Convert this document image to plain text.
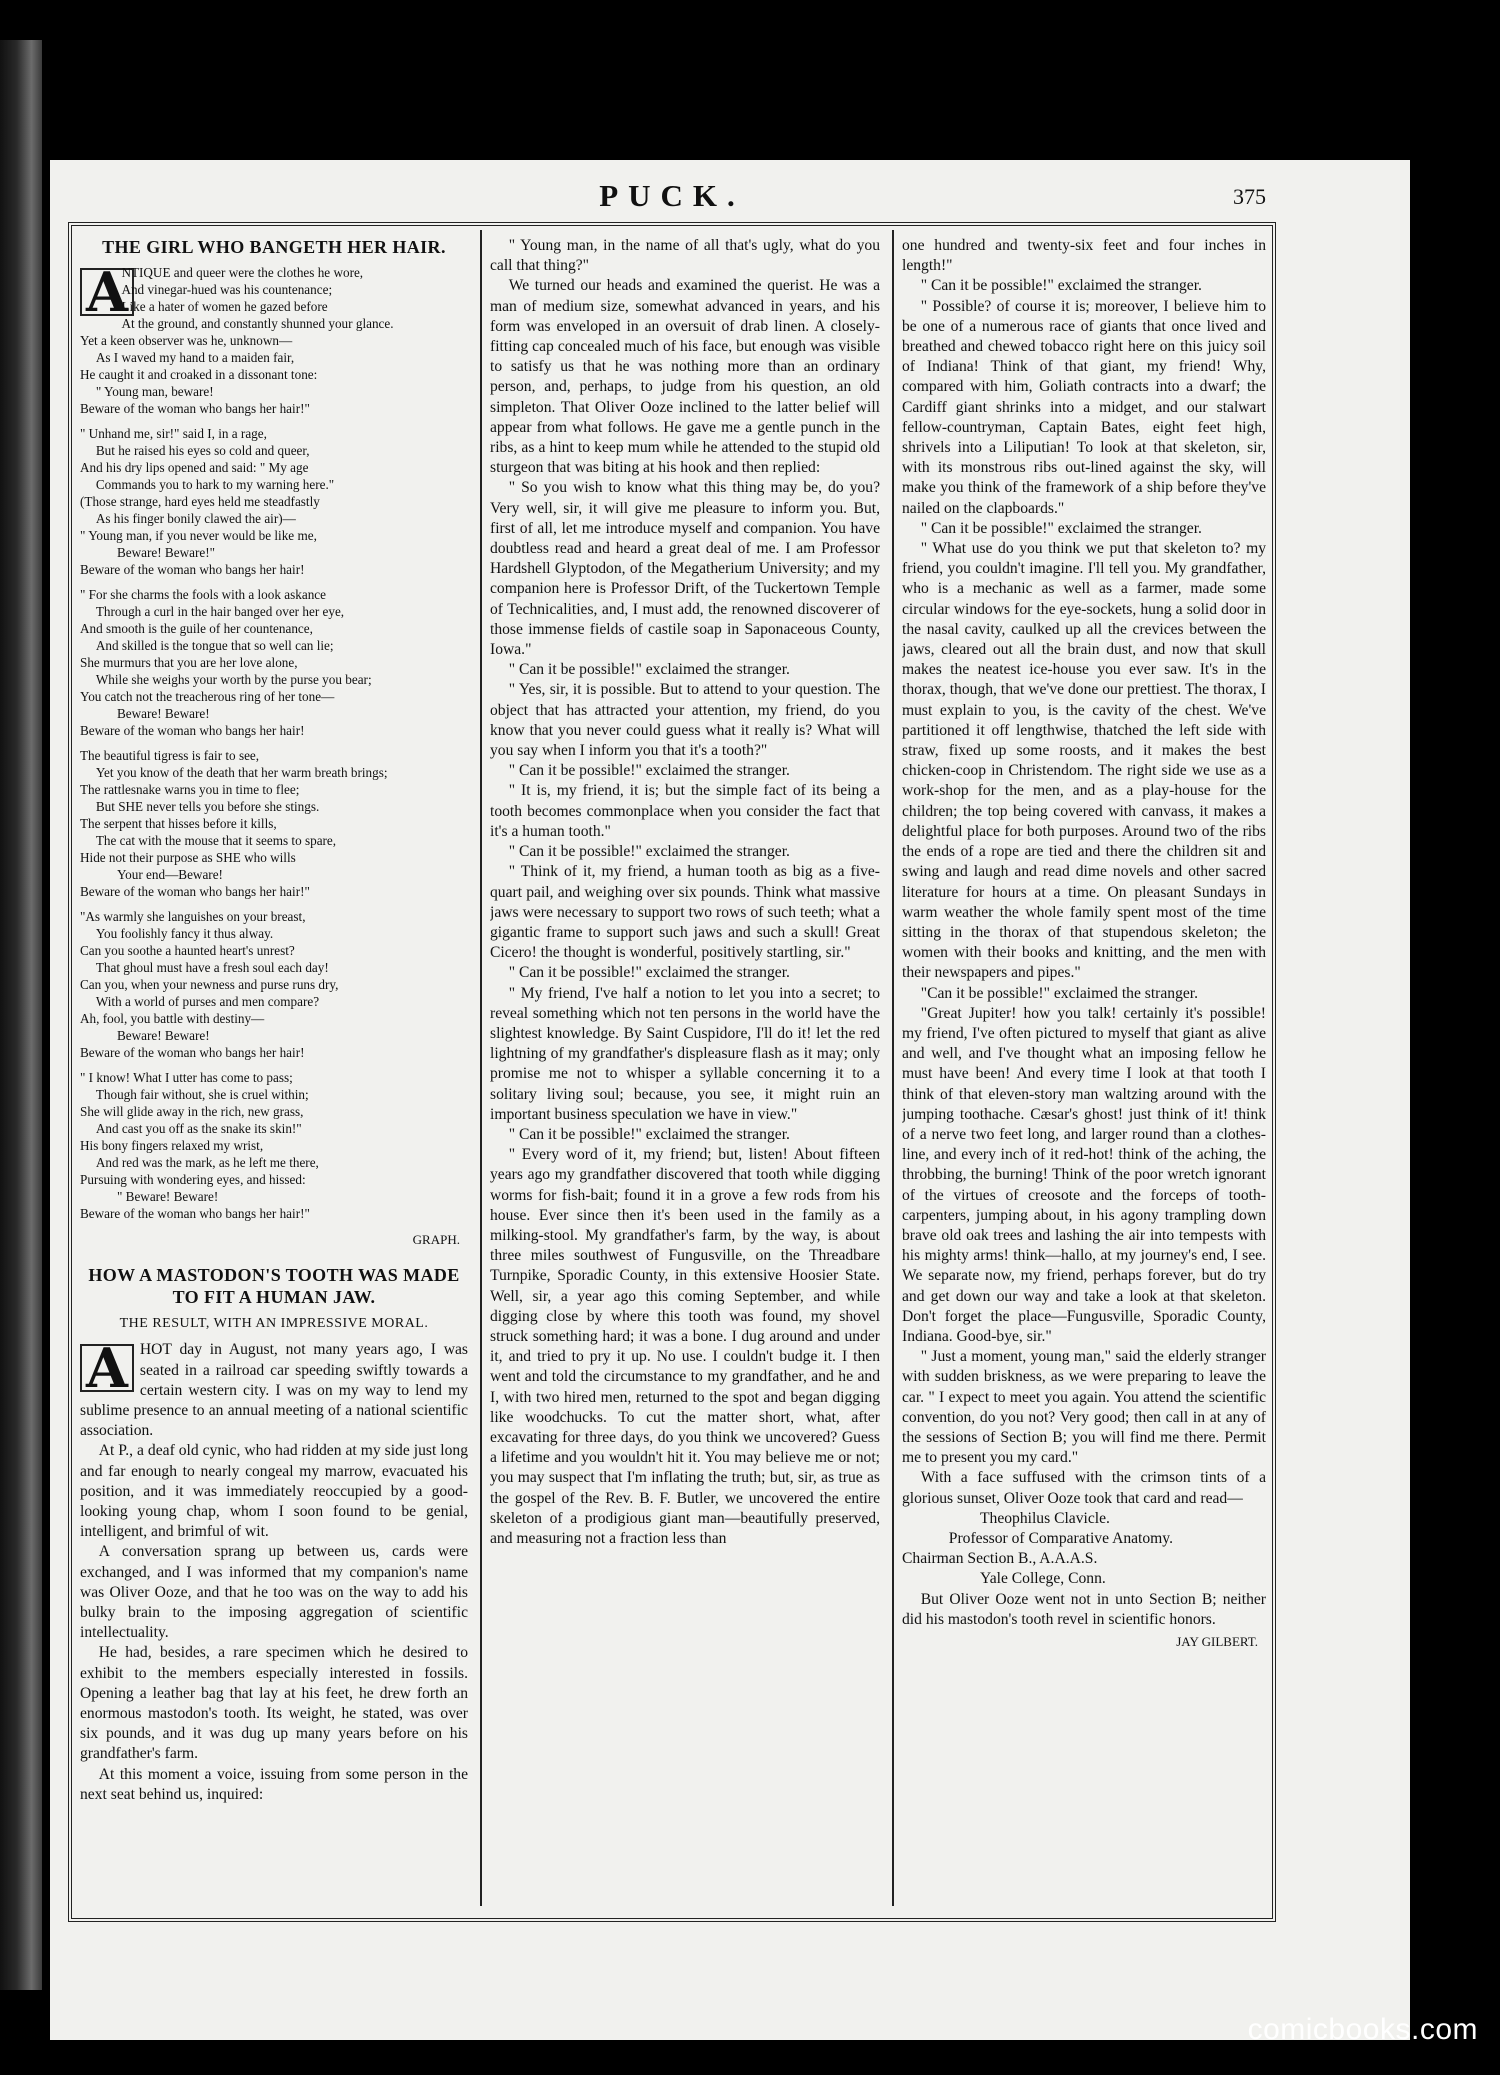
PUCK.	375
THE GIRL WHO BANGETH HER HAIR.
A

NTIQUE and queer were the clothes he wore,

And vinegar-hued was his countenance;

Like a hater of women he gazed before

At the ground, and constantly shunned your glance.

Yet a keen observer was he, unknown—

As I waved my hand to a maiden fair,

He caught it and croaked in a dissonant tone:

" Young man, beware!

Beware of the woman who bangs her hair!"

" Unhand me, sir!" said I, in a rage,

But he raised his eyes so cold and queer,

And his dry lips opened and said: " My age

Commands you to hark to my warning here."

(Those strange, hard eyes held me steadfastly

As his finger bonily clawed the air)—

" Young man, if you never would be like me,

Beware! Beware!"

Beware of the woman who bangs her hair!

" For she charms the fools with a look askance

Through a curl in the hair banged over her eye,

And smooth is the guile of her countenance,

And skilled is the tongue that so well can lie;

She murmurs that you are her love alone,

While she weighs your worth by the purse you bear;

You catch not the treacherous ring of her tone—

Beware! Beware!

Beware of the woman who bangs her hair!

The beautiful tigress is fair to see,

Yet you know of the death that her warm breath brings;

The rattlesnake warns you in time to flee;

But SHE never tells you before she stings.

The serpent that hisses before it kills,

The cat with the mouse that it seems to spare,

Hide not their purpose as SHE who wills

Your end—Beware!

Beware of the woman who bangs her hair!"

"As warmly she languishes on your breast,

You foolishly fancy it thus alway.

Can you soothe a haunted heart's unrest?

That ghoul must have a fresh soul each day!

Can you, when your newness and purse runs dry,

With a world of purses and men compare?

Ah, fool, you battle with destiny—

Beware! Beware!

Beware of the woman who bangs her hair!

" I know! What I utter has come to pass;

Though fair without, she is cruel within;

She will glide away in the rich, new grass,

And cast you off as the snake its skin!"

His bony fingers relaxed my wrist,

And red was the mark, as he left me there,

Pursuing with wondering eyes, and hissed:

" Beware! Beware!

Beware of the woman who bangs her hair!"

GRAPH.
HOW A MASTODON'S TOOTH WAS MADE TO FIT A HUMAN JAW.
THE RESULT, WITH AN IMPRESSIVE MORAL.

A HOT day in August, not many years ago, I was seated in a railroad car speeding swiftly towards a certain western city. I was on my way to lend my sublime presence to an annual meeting of a national scientific association.

At P., a deaf old cynic, who had ridden at my side just long and far enough to nearly congeal my marrow, evacuated his position, and it was immediately reoccupied by a good-looking young chap, whom I soon found to be genial, intelligent, and brimful of wit.

A conversation sprang up between us, cards were exchanged, and I was informed that my companion's name was Oliver Ooze, and that he too was on the way to add his bulky brain to the imposing aggregation of scientific intellectuality.

He had, besides, a rare specimen which he desired to exhibit to the members especially interested in fossils. Opening a leather bag that lay at his feet, he drew forth an enormous mastodon's tooth. Its weight, he stated, was over six pounds, and it was dug up many years before on his grandfather's farm.

At this moment a voice, issuing from some person in the next seat behind us, inquired:

" Young man, in the name of all that's ugly, what do you call that thing?"

We turned our heads and examined the querist. He was a man of medium size, somewhat advanced in years, and his form was enveloped in an oversuit of drab linen. A closely-fitting cap concealed much of his face, but enough was visible to satisfy us that he was nothing more than an ordinary person, and, perhaps, to judge from his question, an old simpleton. That Oliver Ooze inclined to the latter belief will appear from what follows. He gave me a gentle punch in the ribs, as a hint to keep mum while he attended to the stupid old sturgeon that was biting at his hook and then replied:

" So you wish to know what this thing may be, do you? Very well, sir, it will give me pleasure to inform you. But, first of all, let me introduce myself and companion. You have doubtless read and heard a great deal of me. I am Professor Hardshell Glyptodon, of the Megatherium University; and my companion here is Professor Drift, of the Tuckertown Temple of Technicalities, and, I must add, the renowned discoverer of those immense fields of castile soap in Saponaceous County, Iowa."

" Can it be possible!" exclaimed the stranger.

" Yes, sir, it is possible. But to attend to your question. The object that has attracted your attention, my friend, do you know that you never could guess what it really is? What will you say when I inform you that it's a tooth?"

" Can it be possible!" exclaimed the stranger.

" It is, my friend, it is; but the simple fact of its being a tooth becomes commonplace when you consider the fact that it's a human tooth."

" Can it be possible!" exclaimed the stranger.

" Think of it, my friend, a human tooth as big as a five-quart pail, and weighing over six pounds. Think what massive jaws were necessary to support two rows of such teeth; what a gigantic frame to support such jaws and such a skull! Great Cicero! the thought is wonderful, positively startling, sir."

" Can it be possible!" exclaimed the stranger.

" My friend, I've half a notion to let you into a secret; to reveal something which not ten persons in the world have the slightest knowledge. By Saint Cuspidore, I'll do it! let the red lightning of my grandfather's displeasure flash as it may; only promise me not to whisper a syllable concerning it to a solitary living soul; because, you see, it might ruin an important business speculation we have in view."

" Can it be possible!" exclaimed the stranger.

" Every word of it, my friend; but, listen! About fifteen years ago my grandfather discovered that tooth while digging worms for fish-bait; found it in a grove a few rods from his house. Ever since then it's been used in the family as a milking-stool. My grandfather's farm, by the way, is about three miles southwest of Fungusville, on the Threadbare Turnpike, Sporadic County, in this extensive Hoosier State. Well, sir, a year ago this coming September, and while digging close by where this tooth was found, my shovel struck something hard; it was a bone. I dug around and under it, and tried to pry it up. No use. I couldn't budge it. I then went and told the circumstance to my grandfather, and he and I, with two hired men, returned to the spot and began digging like woodchucks. To cut the matter short, what, after excavating for three days, do you think we uncovered? Guess a lifetime and you wouldn't hit it. You may believe me or not; you may suspect that I'm inflating the truth; but, sir, as true as the gospel of the Rev. B. F. Butler, we uncovered the entire skeleton of a prodigious giant man—beautifully preserved, and measuring not a fraction less than

one hundred and twenty-six feet and four inches in length!"

" Can it be possible!" exclaimed the stranger.

" Possible? of course it is; moreover, I believe him to be one of a numerous race of giants that once lived and breathed and chewed tobacco right here on this juicy soil of Indiana! Think of that giant, my friend! Why, compared with him, Goliath contracts into a dwarf; the Cardiff giant shrinks into a midget, and our stalwart fellow-countryman, Captain Bates, eight feet high, shrivels into a Liliputian! To look at that skeleton, sir, with its monstrous ribs out-lined against the sky, will make you think of the framework of a ship before they've nailed on the clapboards."

" Can it be possible!" exclaimed the stranger.

" What use do you think we put that skeleton to? my friend, you couldn't imagine. I'll tell you. My grandfather, who is a mechanic as well as a farmer, made some circular windows for the eye-sockets, hung a solid door in the nasal cavity, caulked up all the crevices between the jaws, cleared out all the brain dust, and now that skull makes the neatest ice-house you ever saw. It's in the thorax, though, that we've done our prettiest. The thorax, I must explain to you, is the cavity of the chest. We've partitioned it off lengthwise, thatched the left side with straw, fixed up some roosts, and it makes the best chicken-coop in Christendom. The right side we use as a work-shop for the men, and as a play-house for the children; the top being covered with canvass, it makes a delightful place for both purposes. Around two of the ribs the ends of a rope are tied and there the children sit and swing and laugh and read dime novels and other sacred literature for hours at a time. On pleasant Sundays in warm weather the whole family spent most of the time sitting in the thorax of that stupendous skeleton; the women with their books and knitting, and the men with their newspapers and pipes."

"Can it be possible!" exclaimed the stranger.

"Great Jupiter! how you talk! certainly it's possible! my friend, I've often pictured to myself that giant as alive and well, and I've thought what an imposing fellow he must have been! And every time I look at that tooth I think of that eleven-story man waltzing around with the jumping toothache. Cæsar's ghost! just think of it! think of a nerve two feet long, and larger round than a clothes-line, and every inch of it red-hot! think of the aching, the throbbing, the burning! Think of the poor wretch ignorant of the virtues of creosote and the forceps of tooth-carpenters, jumping about, in his agony trampling down brave old oak trees and lashing the air into tempests with his mighty arms! think—hallo, at my journey's end, I see. We separate now, my friend, perhaps forever, but do try and get down our way and take a look at that skeleton. Don't forget the place—Fungusville, Sporadic County, Indiana. Good-bye, sir."

" Just a moment, young man," said the elderly stranger with sudden briskness, as we were preparing to leave the car. " I expect to meet you again. You attend the scientific convention, do you not? Very good; then call in at any of the sessions of Section B; you will find me there. Permit me to present you my card."

With a face suffused with the crimson tints of a glorious sunset, Oliver Ooze took that card and read—

Theophilus Clavicle.
Professor of Comparative Anatomy.
Chairman Section B., A.A.A.S.
Yale College, Conn.

But Oliver Ooze went not in unto Section B; neither did his mastodon's tooth revel in scientific honors.

JAY GILBERT.
comicbooks.com
